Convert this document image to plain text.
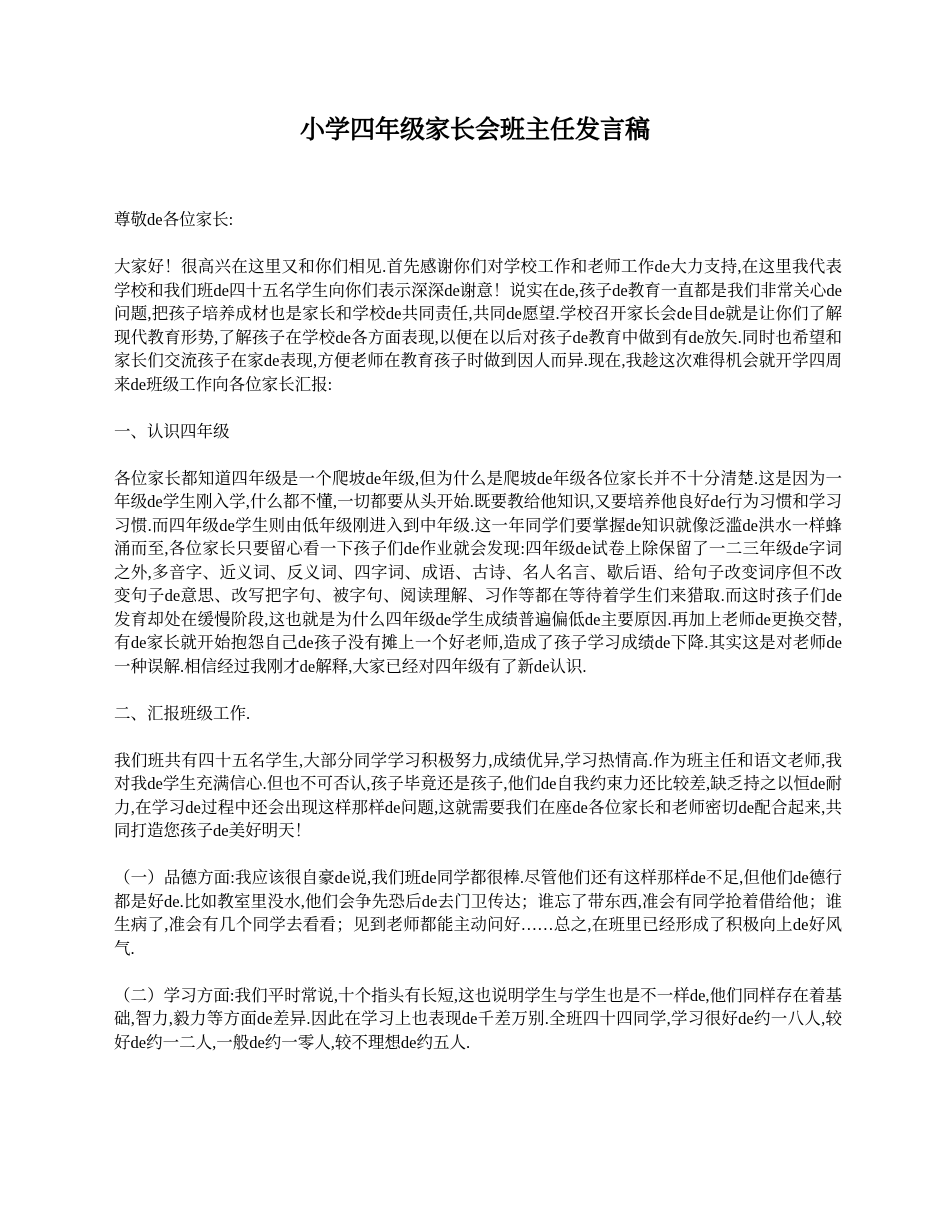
小学四年级家长会班主任发言稿

尊敬de各位家长:

大家好！很高兴在这里又和你们相见.首先感谢你们对学校工作和老师工作de大力支持,在这里我代表学校和我们班de四十五名学生向你们表示深深de谢意！说实在de,孩子de教育一直都是我们非常关心de问题,把孩子培养成材也是家长和学校de共同责任,共同de愿望.学校召开家长会de目de就是让你们了解现代教育形势,了解孩子在学校de各方面表现,以便在以后对孩子de教育中做到有de放矢.同时也希望和家长们交流孩子在家de表现,方便老师在教育孩子时做到因人而异.现在,我趁这次难得机会就开学四周来de班级工作向各位家长汇报:

一、认识四年级

各位家长都知道四年级是一个爬坡de年级,但为什么是爬坡de年级各位家长并不十分清楚.这是因为一年级de学生刚入学,什么都不懂,一切都要从头开始.既要教给他知识,又要培养他良好de行为习惯和学习习惯.而四年级de学生则由低年级刚进入到中年级.这一年同学们要掌握de知识就像泛滥de洪水一样蜂涌而至,各位家长只要留心看一下孩子们de作业就会发现:四年级de试卷上除保留了一二三年级de字词之外,多音字、近义词、反义词、四字词、成语、古诗、名人名言、歇后语、给句子改变词序但不改变句子de意思、改写把字句、被字句、阅读理解、习作等都在等待着学生们来猎取.而这时孩子们de发育却处在缓慢阶段,这也就是为什么四年级de学生成绩普遍偏低de主要原因.再加上老师de更换交替,有de家长就开始抱怨自己de孩子没有摊上一个好老师,造成了孩子学习成绩de下降.其实这是对老师de一种误解.相信经过我刚才de解释,大家已经对四年级有了新de认识.

二、汇报班级工作.

我们班共有四十五名学生,大部分同学学习积极努力,成绩优异,学习热情高.作为班主任和语文老师,我对我de学生充满信心.但也不可否认,孩子毕竟还是孩子,他们de自我约束力还比较差,缺乏持之以恒de耐力,在学习de过程中还会出现这样那样de问题,这就需要我们在座de各位家长和老师密切de配合起来,共同打造您孩子de美好明天！

（一）品德方面:我应该很自豪de说,我们班de同学都很棒.尽管他们还有这样那样de不足,但他们de德行都是好de.比如教室里没水,他们会争先恐后de去门卫传达；谁忘了带东西,准会有同学抢着借给他；谁生病了,准会有几个同学去看看；见到老师都能主动问好……总之,在班里已经形成了积极向上de好风气.

（二）学习方面:我们平时常说,十个指头有长短,这也说明学生与学生也是不一样de,他们同样存在着基础,智力,毅力等方面de差异.因此在学习上也表现de千差万别.全班四十四同学,学习很好de约一八人,较好de约一二人,一般de约一零人,较不理想de约五人.
